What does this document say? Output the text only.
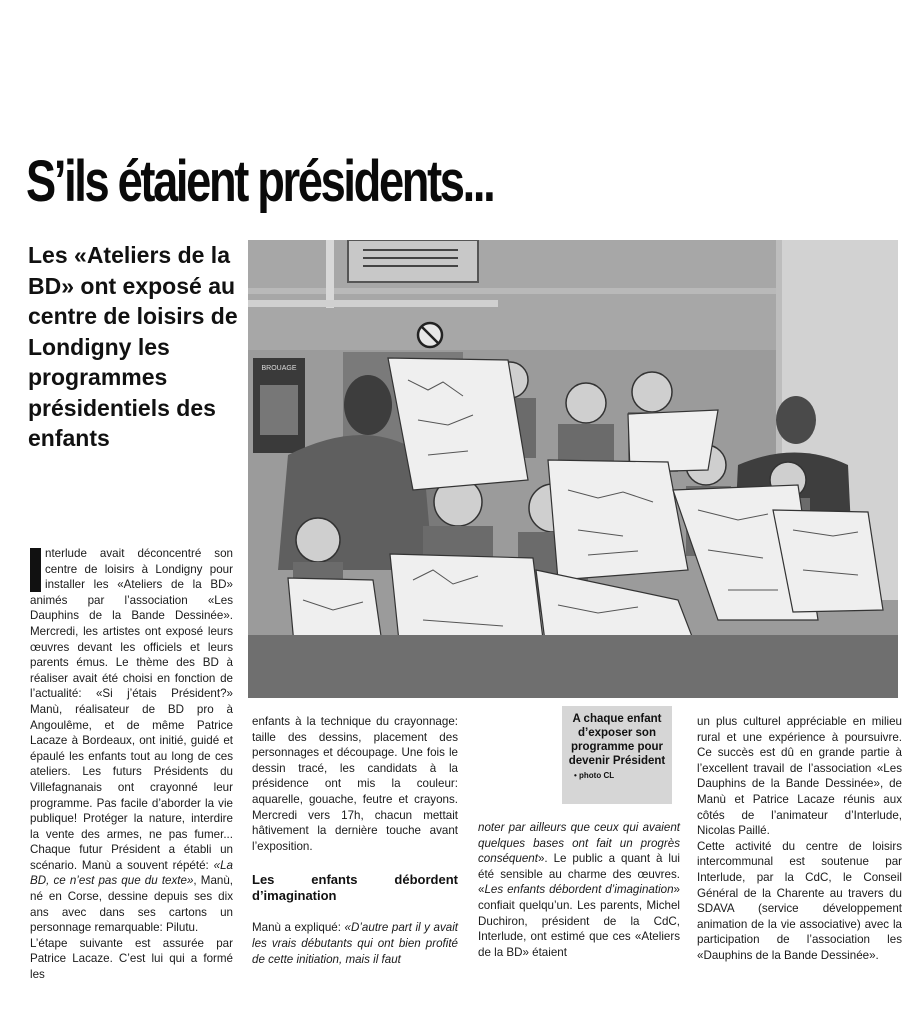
S’ils étaient présidents...
Les «Ateliers de la BD» ont exposé au centre de loisirs de Londigny les programmes présidentiels des enfants
BROUAGE
A chaque enfant d’exposer son programme pour devenir Président
• photo CL

nterlude avait déconcentré son centre de loisirs à Londigny pour installer les «Ateliers de la BD» animés par l’association «Les Dauphins de la Bande Dessinée». Mercredi, les artistes ont exposé leurs œuvres devant les officiels et leurs parents émus. Le thème des BD à réaliser avait été choisi en fonction de l’actualité: «Si j’étais Président?» Manù, réalisateur de BD pro à Angoulême, et de même Patrice Lacaze à Bordeaux, ont initié, guidé et épaulé les enfants tout au long de ces ateliers. Les futurs Présidents du Villefagnanais ont crayonné leur programme. Pas facile d’aborder la vie publique! Protéger la nature, interdire la vente des armes, ne pas fumer... Chaque futur Président a établi un scénario. Manù a souvent répété: «La BD, ce n’est pas que du texte», Manù, né en Corse, dessine depuis ses dix ans avec dans ses cartons un personnage remarquable: Pilutu.

L’étape suivante est assurée par Patrice Lacaze. C’est lui qui a formé les

enfants à la technique du crayonnage: taille des dessins, placement des personnages et découpage. Une fois le dessin tracé, les candidats à la présidence ont mis la couleur: aquarelle, gouache, feutre et crayons. Mercredi vers 17h, chacun mettait hâtivement la dernière touche avant l’exposition.

Les enfants débordent d’imagination

Manù a expliqué: «D’autre part il y avait les vrais débutants qui ont bien profité de cette initiation, mais il faut

noter par ailleurs que ceux qui avaient quelques bases ont fait un progrès conséquent». Le public a quant à lui été sensible au charme des œuvres. «Les enfants débordent d’imagination» confiait quelqu’un. Les parents, Michel Duchiron, président de la CdC, Interlude, ont estimé que ces «Ateliers de la BD» étaient

un plus culturel appréciable en milieu rural et une expérience à poursuivre. Ce succès est dû en grande partie à l’excellent travail de l’association «Les Dauphins de la Bande Dessinée», de Manù et Patrice Lacaze réunis aux côtés de l’animateur d’Interlude, Nicolas Paillé.

Cette activité du centre de loisirs intercommunal est soutenue par Interlude, par la CdC, le Conseil Général de la Charente au travers du SDAVA (service développement animation de la vie associative) avec la participation de l’association les «Dauphins de la Bande Dessinée».
